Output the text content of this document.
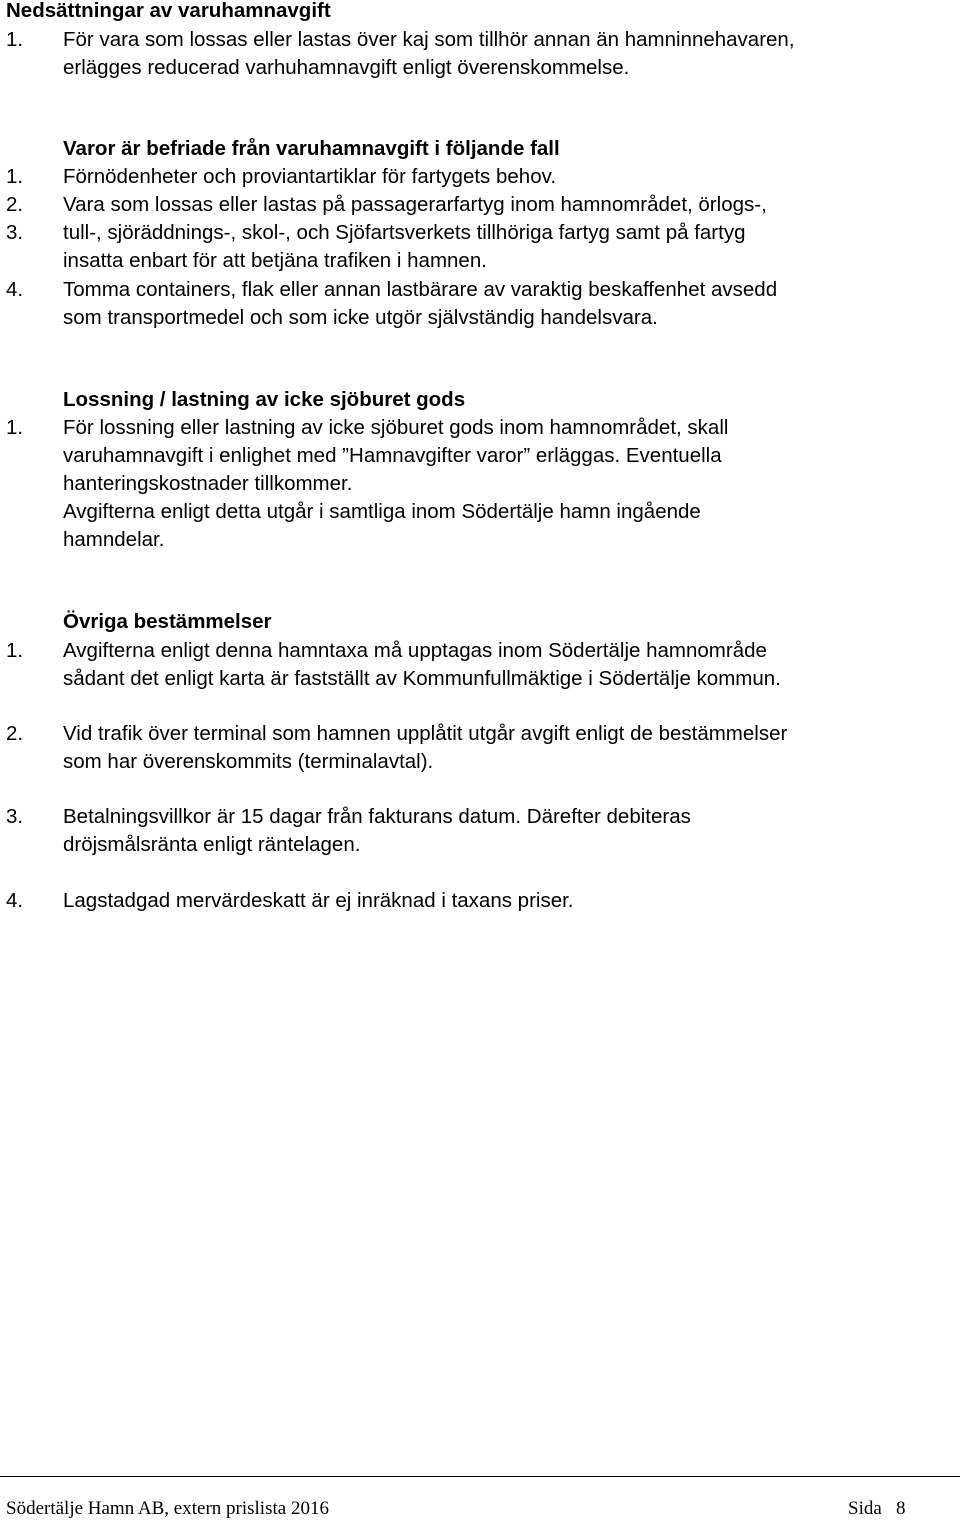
Nedsättningar av varuhamnavgift
1. För vara som lossas eller lastas över kaj som tillhör annan än hamninnehavaren,
erlägges reducerad varhuhamnavgift enligt överenskommelse.
Varor är befriade från varuhamnavgift i följande fall
1. Förnödenheter och proviantartiklar för fartygets behov.
2. Vara som lossas eller lastas på passagerarfartyg inom hamnområdet, örlogs-,
3. tull-, sjöräddnings-, skol-, och Sjöfartsverkets tillhöriga fartyg samt på fartyg
insatta enbart för att betjäna trafiken i hamnen.
4. Tomma containers, flak eller annan lastbärare av varaktig beskaffenhet avsedd
som transportmedel och som icke utgör självständig handelsvara.
Lossning / lastning av icke sjöburet gods
1. För lossning eller lastning av icke sjöburet gods inom hamnområdet, skall
varuhamnavgift i enlighet med ”Hamnavgifter varor” erläggas. Eventuella
hanteringskostnader tillkommer.
Avgifterna enligt detta utgår i samtliga inom Södertälje hamn ingående
hamndelar.
Övriga bestämmelser
1. Avgifterna enligt denna hamntaxa må upptagas inom Södertälje hamnområde
sådant det enligt karta är fastställt av Kommunfullmäktige i Södertälje kommun.
2. Vid trafik över terminal som hamnen upplåtit utgår avgift enligt de bestämmelser
som har överenskommits (terminalavtal).
3. Betalningsvillkor är 15 dagar från fakturans datum. Därefter debiteras
dröjsmålsränta enligt räntelagen.
4. Lagstadgad mervärdeskatt är ej inräknad i taxans priser.
Södertälje Hamn AB, extern prislista 2016	Sida 8
